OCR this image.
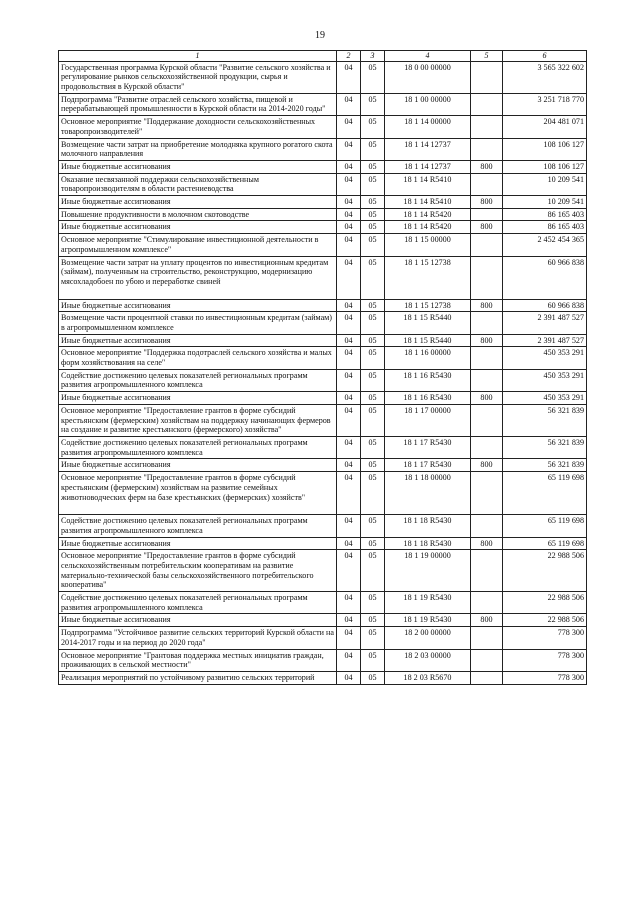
19
1	2	3	4	5	6
Государственная программа Курской области "Развитие сельского хозяйства и регулирование рынков сельскохозяйственной продукции, сырья и продовольствия в Курской области"	04	05	18 0 00 00000		3 565 322 602
Подпрограмма "Развитие отраслей сельского хозяйства, пищевой и перерабатывающей промышленности в Курской области на 2014-2020 годы"	04	05	18 1 00 00000		3 251 718 770
Основное мероприятие "Поддержание доходности сельскохозяйственных товаропроизводителей"	04	05	18 1 14 00000		204 481 071
Возмещение части затрат на приобретение молодняка крупного рогатого скота молочного направления	04	05	18 1 14 12737		108 106 127
Иные бюджетные ассигнования	04	05	18 1 14 12737	800	108 106 127
Оказание несвязанной поддержки сельскохозяйственным товаропроизводителям в области растениеводства	04	05	18 1 14 R5410		10 209 541
Иные бюджетные ассигнования	04	05	18 1 14 R5410	800	10 209 541
Повышение продуктивности в молочном скотоводстве	04	05	18 1 14 R5420		86 165 403
Иные бюджетные ассигнования	04	05	18 1 14 R5420	800	86 165 403
Основное мероприятие "Стимулирование инвестиционной деятельности в агропромышленном комплексе"	04	05	18 1 15 00000		2 452 454 365
Возмещение части затрат на уплату процентов по инвестиционным кредитам (займам), полученным на строительство, реконструкцию, модернизацию мясохладобоен по убою и переработке свиней	04	05	18 1 15 12738		60 966 838
Иные бюджетные ассигнования	04	05	18 1 15 12738	800	60 966 838
Возмещение части процентной ставки по инвестиционным кредитам (займам) в агропромышленном комплексе	04	05	18 1 15 R5440		2 391 487 527
Иные бюджетные ассигнования	04	05	18 1 15 R5440	800	2 391 487 527
Основное мероприятие "Поддержка подотраслей сельского хозяйства и малых форм хозяйствования на селе"	04	05	18 1 16 00000		450 353 291
Содействие достижению целевых показателей региональных программ развития агропромышленного комплекса	04	05	18 1 16 R5430		450 353 291
Иные бюджетные ассигнования	04	05	18 1 16 R5430	800	450 353 291
Основное мероприятие "Предоставление грантов в форме субсидий крестьянским (фермерским) хозяйствам на поддержку начинающих фермеров на создание и развитие крестьянского (фермерского) хозяйства"	04	05	18 1 17 00000		56 321 839
Содействие достижению целевых показателей региональных программ развития агропромышленного комплекса	04	05	18 1 17 R5430		56 321 839
Иные бюджетные ассигнования	04	05	18 1 17 R5430	800	56 321 839
Основное мероприятие "Предоставление грантов в форме субсидий крестьянским (фермерским) хозяйствам на развитие семейных животноводческих ферм на базе крестьянских (фермерских) хозяйств"	04	05	18 1 18 00000		65 119 698
Содействие достижению целевых показателей региональных программ развития агропромышленного комплекса	04	05	18 1 18 R5430		65 119 698
Иные бюджетные ассигнования	04	05	18 1 18 R5430	800	65 119 698
Основное мероприятие "Предоставление грантов в форме субсидий сельскохозяйственным потребительским кооперативам на развитие материально-технической базы сельскохозяйственного потребительского кооператива"	04	05	18 1 19 00000		22 988 506
Содействие достижению целевых показателей региональных программ развития агропромышленного комплекса	04	05	18 1 19 R5430		22 988 506
Иные бюджетные ассигнования	04	05	18 1 19 R5430	800	22 988 506
Подпрограмма "Устойчивое развитие сельских территорий Курской области на 2014-2017 годы и на период до 2020 года"	04	05	18 2 00 00000		778 300
Основное мероприятие "Грантовая поддержка местных инициатив граждан, проживающих в сельской местности"	04	05	18 2 03 00000		778 300
Реализация мероприятий по устойчивому развитию сельских территорий	04	05	18 2 03 R5670		778 300
